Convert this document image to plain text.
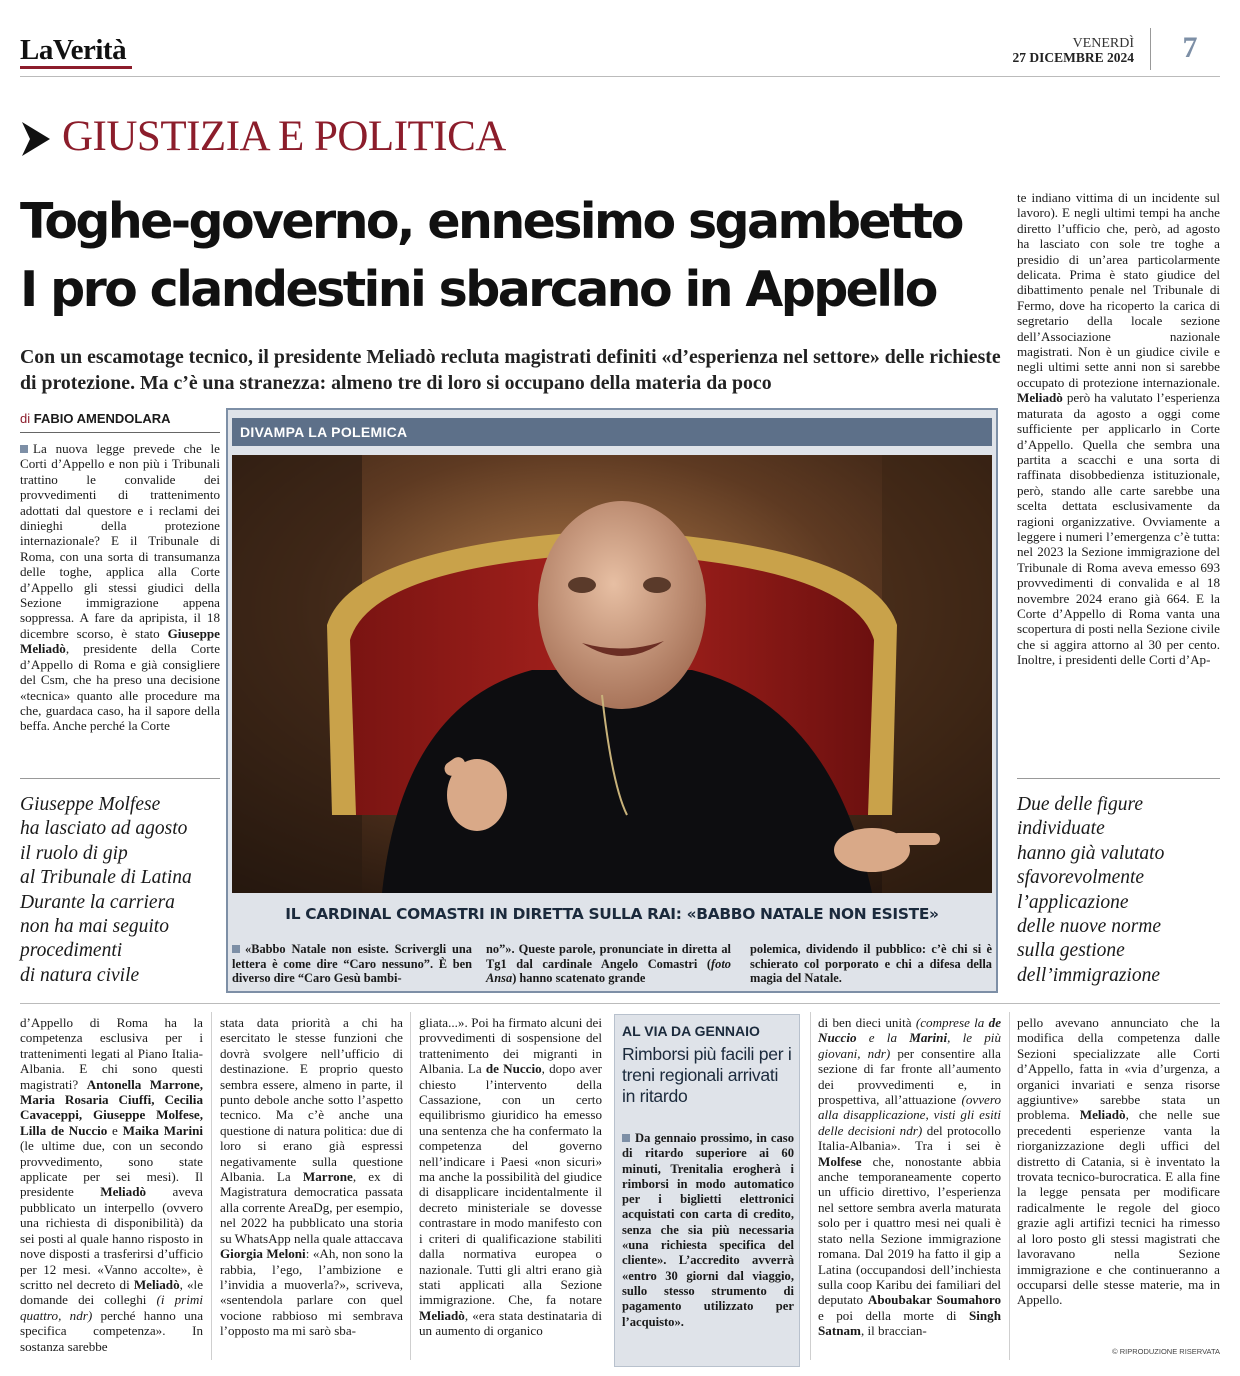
LaVerità	VENERDÌ
27 DICEMBRE 2024	7
GIUSTIZIA E POLITICA
Toghe-governo, ennesimo sgambetto
I pro clandestini sbarcano in Appello
Con un escamotage tecnico, il presidente Meliadò recluta magistrati definiti «d’esperienza nel settore» delle richieste di protezione. Ma c’è una stranezza: almeno tre di loro si occupano della materia da poco
di FABIO AMENDOLARA

La nuova legge prevede che le Corti d’Appello e non più i Tribunali trattino le convalide dei provvedimenti di trattenimento adottati dal questore e i reclami dei dinieghi della protezione internazionale? E il Tribunale di Roma, con una sorta di transumanza delle toghe, applica alla Corte d’Appello gli stessi giudici della Sezione immigrazione appena soppressa. A fare da apripista, il 18 dicembre scorso, è stato Giuseppe Meliadò, presidente della Corte d’Appello di Roma e già consigliere del Csm, che ha preso una decisione «tecnica» quanto alle procedure ma che, guardaca caso, ha il sapore della beffa. Anche perché la Corte

Giuseppe Molfese

ha lasciato ad agosto

il ruolo di gip

al Tribunale di Latina

Durante la carriera

non ha mai seguito

procedimenti

di natura civile

DIVAMPA LA POLEMICA
IL CARDINAL COMASTRI IN DIRETTA SULLA RAI: «BABBO NATALE NON ESISTE»

«Babbo Natale non esiste. Scrivergli una lettera è come dire “Caro nessuno”. È ben diverso dire “Caro Gesù bambi-

no”». Queste parole, pronunciate in diretta al Tg1 dal cardinale Angelo Comastri (foto Ansa) hanno scatenato grande

polemica, dividendo il pubblico: c’è chi si è schierato col porporato e chi a difesa della magia del Natale.

te indiano vittima di un incidente sul lavoro). E negli ultimi tempi ha anche diretto l’ufficio che, però, ad agosto ha lasciato con sole tre toghe a presidio di un’area particolarmente delicata. Prima è stato giudice del dibattimento penale nel Tribunale di Fermo, dove ha ricoperto la carica di segretario della locale sezione dell’Associazione nazionale magistrati. Non è un giudice civile e negli ultimi sette anni non si sarebbe occupato di protezione internazionale. Meliadò però ha valutato l’esperienza maturata da agosto a oggi come sufficiente per applicarlo in Corte d’Appello. Quella che sembra una partita a scacchi e una sorta di raffinata disobbedienza istituzionale, però, stando alle carte sarebbe una scelta dettata esclusivamente da ragioni organizzative. Ovviamente a leggere i numeri l’emergenza c’è tutta: nel 2023 la Sezione immigrazione del Tribunale di Roma aveva emesso 693 provvedimenti di convalida e al 18 novembre 2024 erano già 664. E la Corte d’Appello di Roma vanta una scopertura di posti nella Sezione civile che si aggira attorno al 30 per cento. Inoltre, i presidenti delle Corti d’Ap-

Due delle figure

individuate

hanno già valutato

sfavorevolmente

l’applicazione

delle nuove norme

sulla gestione

dell’immigrazione

d’Appello di Roma ha la competenza esclusiva per i trattenimenti legati al Piano Italia-Albania. E chi sono questi magistrati? Antonella Marrone, Maria Rosaria Ciuffi, Cecilia Cavaceppi, Giuseppe Molfese, Lilla de Nuccio e Maika Marini (le ultime due, con un secondo provvedimento, sono state applicate per sei mesi). Il presidente Meliadò aveva pubblicato un interpello (ovvero una richiesta di disponibilità) da sei posti al quale hanno risposto in nove disposti a trasferirsi d’ufficio per 12 mesi. «Vanno accolte», è scritto nel decreto di Meliadò, «le domande dei colleghi (i primi quattro, ndr) perché hanno una specifica competenza». In sostanza sarebbe

stata data priorità a chi ha esercitato le stesse funzioni che dovrà svolgere nell’ufficio di destinazione. E proprio questo sembra essere, almeno in parte, il punto debole anche sotto l’aspetto tecnico. Ma c’è anche una questione di natura politica: due di loro si erano già espressi negativamente sulla questione Albania. La Marrone, ex di Magistratura democratica passata alla corrente AreaDg, per esempio, nel 2022 ha pubblicato una storia su WhatsApp nella quale attaccava Giorgia Meloni: «Ah, non sono la rabbia, l’ego, l’ambizione e l’invidia a muoverla?», scriveva, «sentendola parlare con quel vocione rabbioso mi sembrava l’opposto ma mi sarò sba-

gliata...». Poi ha firmato alcuni dei provvedimenti di sospensione del trattenimento dei migranti in Albania. La de Nuccio, dopo aver chiesto l’intervento della Cassazione, con un certo equilibrismo giuridico ha emesso una sentenza che ha confermato la competenza del governo nell’indicare i Paesi «non sicuri» ma anche la possibilità del giudice di disapplicare incidentalmente il decreto ministeriale se dovesse contrastare in modo manifesto con i criteri di qualificazione stabiliti dalla normativa europea o nazionale. Tutti gli altri erano già stati applicati alla Sezione immigrazione. Che, fa notare Meliadò, «era stata destinataria di un aumento di organico

AL VIA DA GENNAIO
Rimborsi più facili per i treni regionali arrivati in ritardo

Da gennaio prossimo, in caso di ritardo superiore ai 60 minuti, Trenitalia erogherà i rimborsi in modo automatico per i biglietti elettronici acquistati con carta di credito, senza che sia più necessaria «una richiesta specifica del cliente». L’accredito avverrà «entro 30 giorni dal viaggio, sullo stesso strumento di pagamento utilizzato per l’acquisto».

di ben dieci unità (comprese la de Nuccio e la Marini, le più giovani, ndr) per consentire alla sezione di far fronte all’aumento dei provvedimenti e, in prospettiva, all’attuazione (ovvero alla disapplicazione, visti gli esiti delle decisioni ndr) del protocollo Italia-Albania». Tra i sei è Molfese che, nonostante abbia anche temporaneamente coperto un ufficio direttivo, l’esperienza nel settore sembra averla maturata solo per i quattro mesi nei quali è stato nella Sezione immigrazione romana. Dal 2019 ha fatto il gip a Latina (occupandosi dell’inchiesta sulla coop Karibu dei familiari del deputato Aboubakar Soumahoro e poi della morte di Singh Satnam, il braccian-

pello avevano annunciato che la modifica della competenza dalle Sezioni specializzate alle Corti d’Appello, fatta in «via d’urgenza, a organici invariati e senza risorse aggiuntive» sarebbe stata un problema. Meliadò, che nelle sue precedenti esperienze vanta la riorganizzazione degli uffici del distretto di Catania, si è inventato la trovata tecnico-burocratica. E alla fine la legge pensata per modificare radicalmente le regole del gioco grazie agli artifizi tecnici ha rimesso al loro posto gli stessi magistrati che lavoravano nella Sezione immigrazione e che continueranno a occuparsi delle stesse materie, ma in Appello.

© RIPRODUZIONE RISERVATA
